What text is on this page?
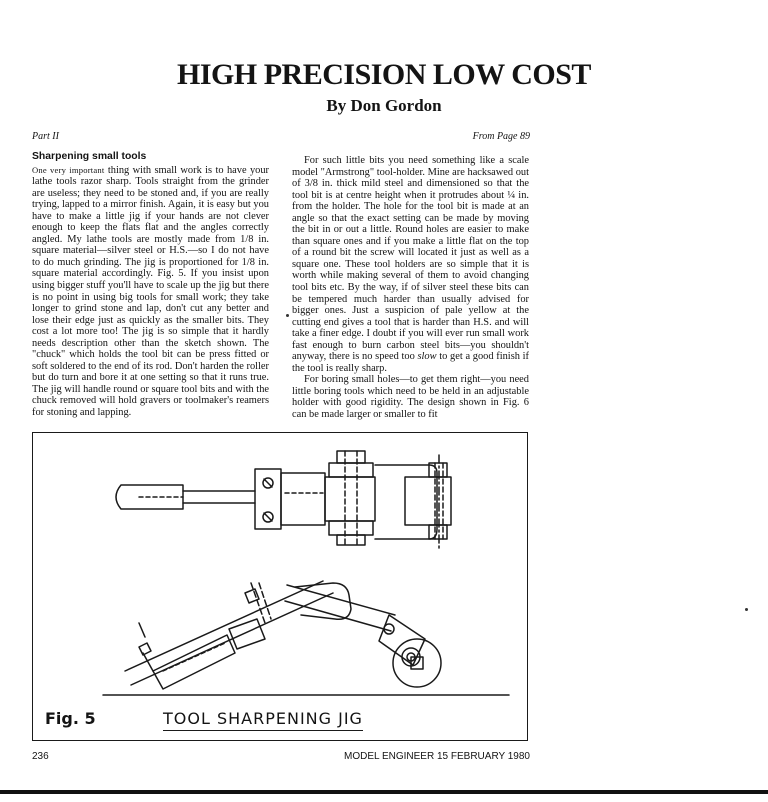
HIGH PRECISION LOW COST
By Don Gordon
Part II	From Page 89

Sharpening small tools

One very important thing with small work is to have your lathe tools razor sharp. Tools straight from the grinder are useless; they need to be stoned and, if you are really trying, lapped to a mirror finish. Again, it is easy but you have to make a little jig if your hands are not clever enough to keep the flats flat and the angles correctly angled. My lathe tools are mostly made from 1/8 in. square material—silver steel or H.S.—so I do not have to do much grinding. The jig is proportioned for 1/8 in. square material accordingly. Fig. 5. If you insist upon using bigger stuff you'll have to scale up the jig but there is no point in using big tools for small work; they take longer to grind stone and lap, don't cut any better and lose their edge just as quickly as the smaller bits. They cost a lot more too! The jig is so simple that it hardly needs description other than the sketch shown. The "chuck" which holds the tool bit can be press fitted or soft soldered to the end of its rod. Don't harden the roller but do turn and bore it at one setting so that it runs true. The jig will handle round or square tool bits and with the chuck removed will hold gravers or toolmaker's reamers for stoning and lapping.

For such little bits you need something like a scale model "Armstrong" tool-holder. Mine are hacksawed out of 3/8 in. thick mild steel and dimensioned so that the tool bit is at centre height when it protrudes about ¼ in. from the holder. The hole for the tool bit is made at an angle so that the exact setting can be made by moving the bit in or out a little. Round holes are easier to make than square ones and if you make a little flat on the top of a round bit the screw will located it just as well as a square one. These tool holders are so simple that it is worth while making several of them to avoid changing tool bits etc. By the way, if of silver steel these bits can be tempered much harder than usually advised for bigger ones. Just a suspicion of pale yellow at the cutting end gives a tool that is harder than H.S. and will take a finer edge. I doubt if you will ever run small work fast enough to burn carbon steel bits—you shouldn't anyway, there is no speed too slow to get a good finish if the tool is really sharp.

For boring small holes—to get them right—you need little boring tools which need to be held in an adjustable holder with good rigidity. The design shown in Fig. 6 can be made larger or smaller to fit

Fig. 5	TOOL SHARPENING JIG
236	MODEL ENGINEER 15 FEBRUARY 1980
